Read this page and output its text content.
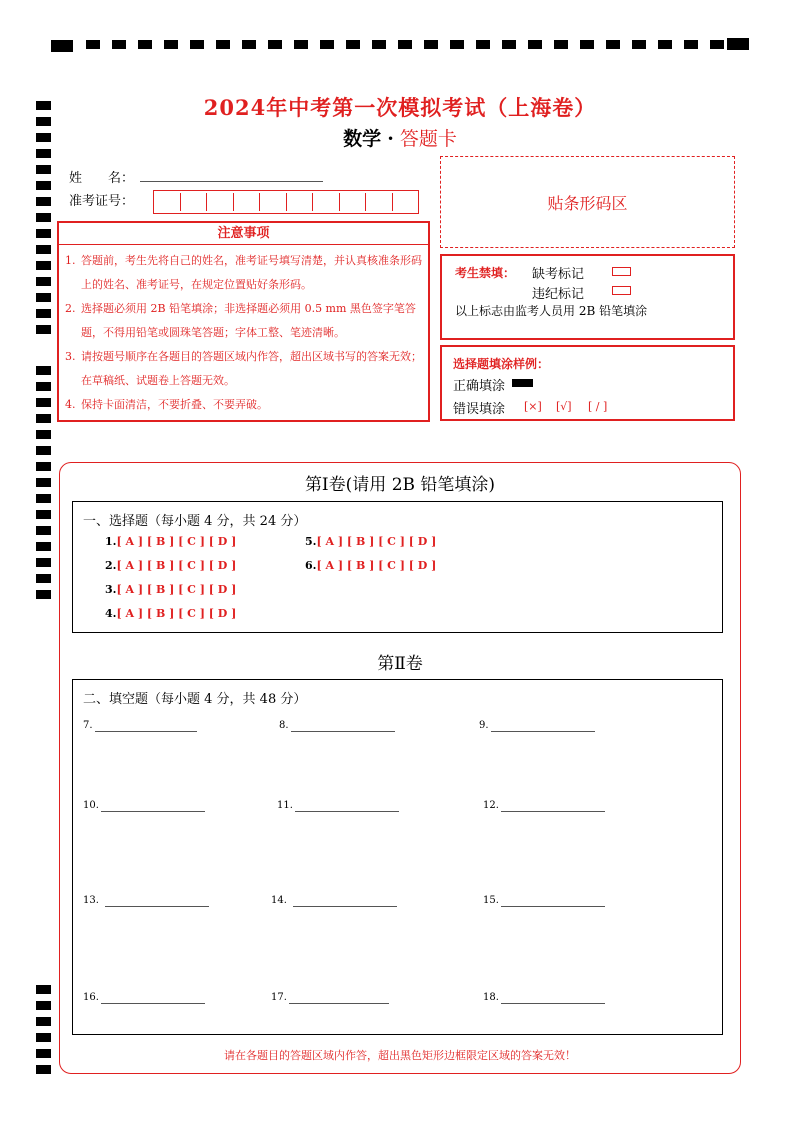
2024年中考第一次模拟考试（上海卷）
数学 · 答题卡
姓　　名：
准考证号：	贴条形码区
注意事项
1. 答题前，考生先将自己的姓名，准考证号填写清楚，并认真核准条形码上的姓名、准考证号，在规定位置贴好条形码。
2. 选择题必须用 2B 铅笔填涂；非选择题必须用 0.5 mm 黑色签字笔答题，不得用铅笔或圆珠笔答题；字体工整、笔迹清晰。
3. 请按题号顺序在各题目的答题区域内作答，超出区域书写的答案无效；在草稿纸、试题卷上答题无效。
4. 保持卡面清洁，不要折叠、不要弄破。
考生禁填： 缺考标记
违纪标记
以上标志由监考人员用 2B 铅笔填涂
选择题填涂样例：
正确填涂
错误填涂 [×] [√] [ / ]
第Ⅰ卷(请用 2B 铅笔填涂)
一、选择题（每小题 4 分，共 24 分）
1.[ A ] [ B ] [ C ] [ D ]
2.[ A ] [ B ] [ C ] [ D ]
3.[ A ] [ B ] [ C ] [ D ]
4.[ A ] [ B ] [ C ] [ D ]
5.[ A ] [ B ] [ C ] [ D ]
6.[ A ] [ B ] [ C ] [ D ]
第Ⅱ卷
二、填空题（每小题 4 分，共 48 分）
7.	8.	9.
10.	11.	12.
13.	14.	15.
16.	17.	18.
请在各题目的答题区域内作答，超出黑色矩形边框限定区域的答案无效！
